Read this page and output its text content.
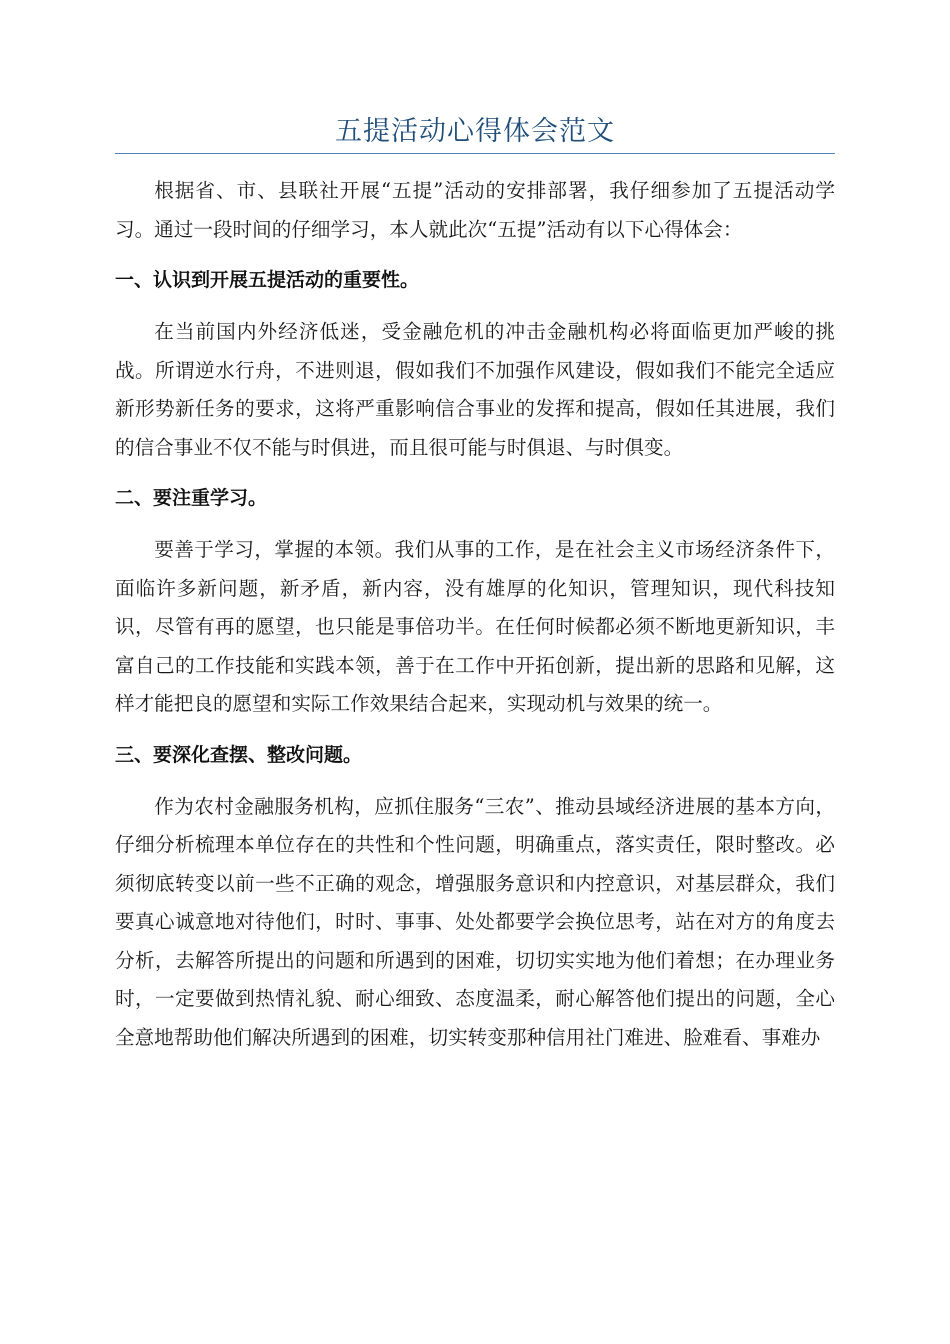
五提活动心得体会范文

根据省、市、县联社开展“五提”活动的安排部署，我仔细参加了五提活动学习。通过一段时间的仔细学习，本人就此次“五提”活动有以下心得体会：

一、认识到开展五提活动的重要性。

在当前国内外经济低迷，受金融危机的冲击金融机构必将面临更加严峻的挑战。所谓逆水行舟，不进则退，假如我们不加强作风建设，假如我们不能完全适应新形势新任务的要求，这将严重影响信合事业的发挥和提高，假如任其进展，我们的信合事业不仅不能与时俱进，而且很可能与时俱退、与时俱变。

二、要注重学习。

要善于学习，掌握的本领。我们从事的工作，是在社会主义市场经济条件下，面临许多新问题，新矛盾，新内容，没有雄厚的化知识，管理知识，现代科技知识，尽管有再的愿望，也只能是事倍功半。在任何时候都必须不断地更新知识，丰富自己的工作技能和实践本领，善于在工作中开拓创新，提出新的思路和见解，这样才能把良的愿望和实际工作效果结合起来，实现动机与效果的统一。

三、要深化查摆、整改问题。

作为农村金融服务机构，应抓住服务“三农”、推动县域经济进展的基本方向，仔细分析梳理本单位存在的共性和个性问题，明确重点，落实责任，限时整改。必须彻底转变以前一些不正确的观念，增强服务意识和内控意识，对基层群众，我们要真心诚意地对待他们，时时、事事、处处都要学会换位思考，站在对方的角度去分析，去解答所提出的问题和所遇到的困难，切切实实地为他们着想；在办理业务时，一定要做到热情礼貌、耐心细致、态度温柔，耐心解答他们提出的问题，全心全意地帮助他们解决所遇到的困难，切实转变那种信用社门难进、脸难看、事难办
